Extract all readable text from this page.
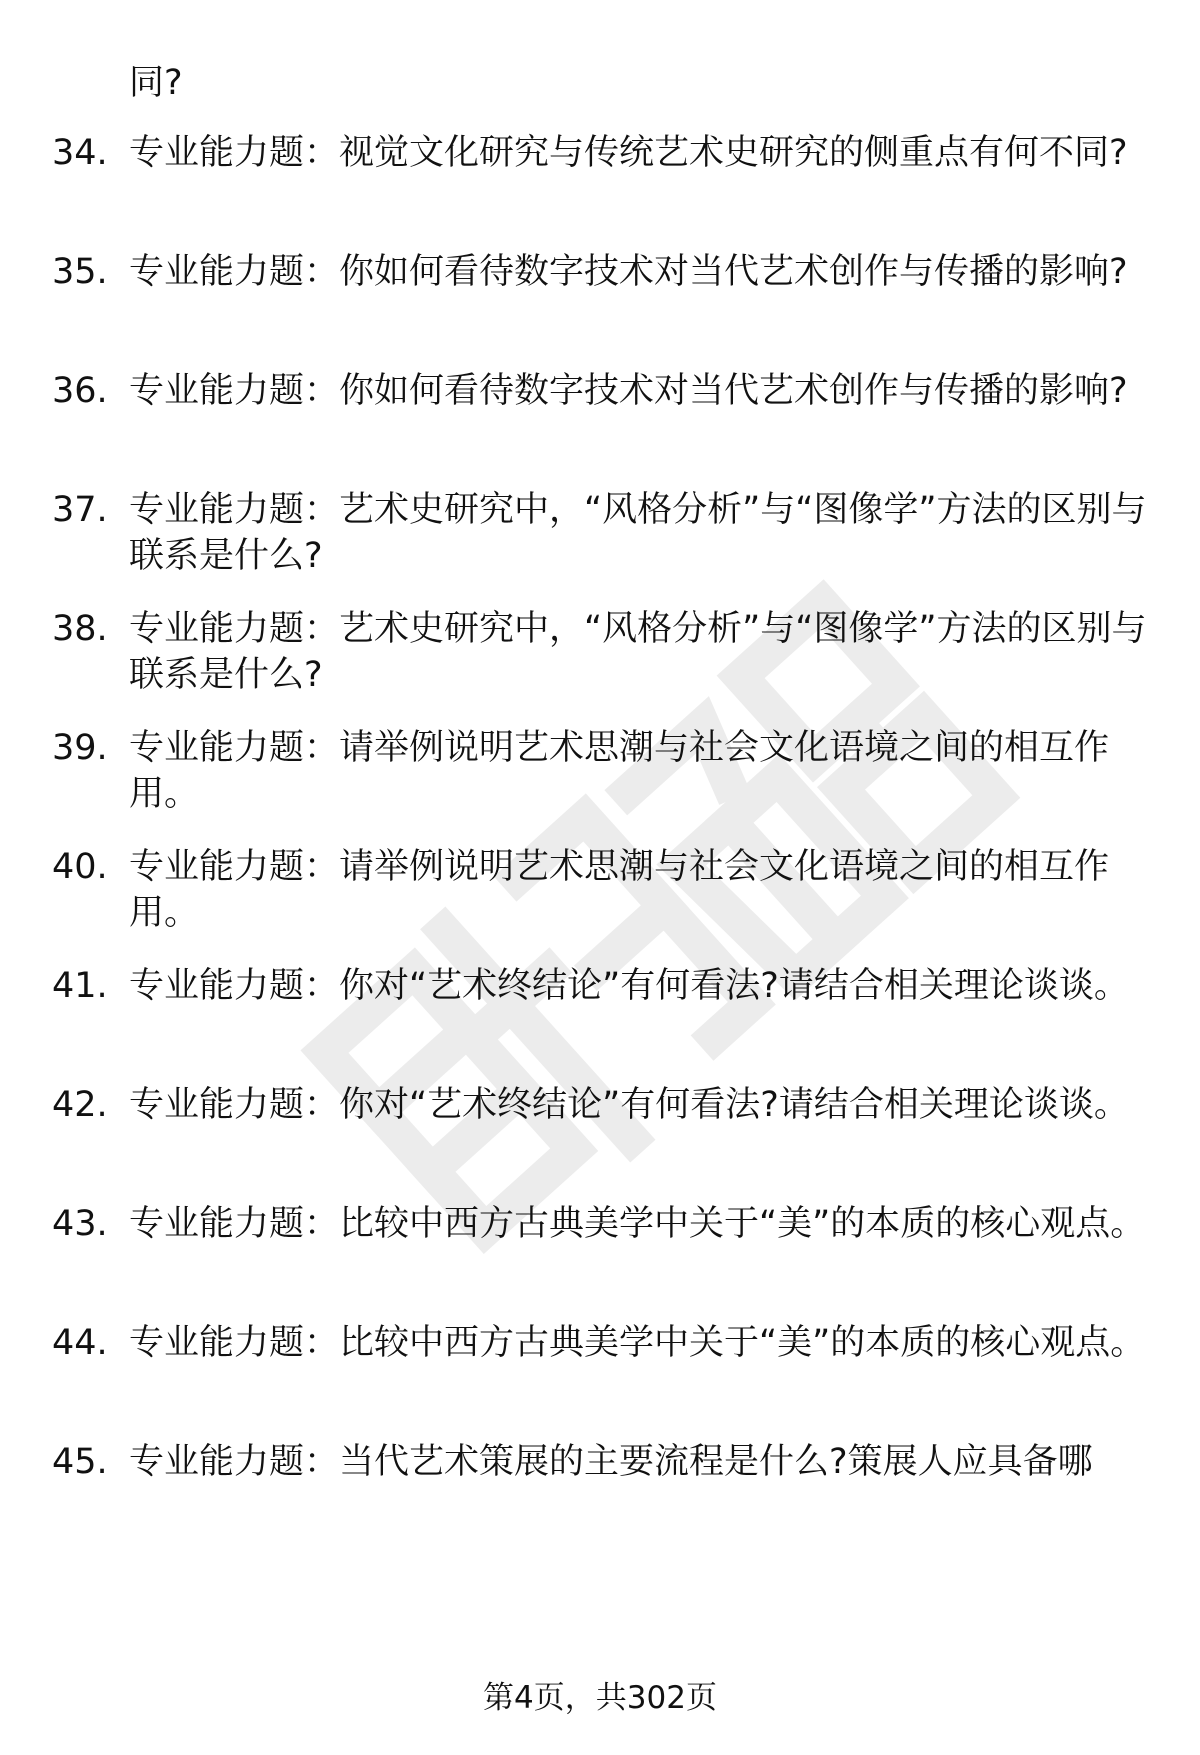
同?
34. 专业能力题：视觉文化研究与传统艺术史研究的侧重点有何不同?
35. 专业能力题：你如何看待数字技术对当代艺术创作与传播的影响?
36. 专业能力题：你如何看待数字技术对当代艺术创作与传播的影响?
37. 专业能力题：艺术史研究中，“风格分析”与“图像学”方法的区别与联系是什么?
38. 专业能力题：艺术史研究中，“风格分析”与“图像学”方法的区别与联系是什么?
39. 专业能力题：请举例说明艺术思潮与社会文化语境之间的相互作用。
40. 专业能力题：请举例说明艺术思潮与社会文化语境之间的相互作用。
41. 专业能力题：你对“艺术终结论”有何看法?请结合相关理论谈谈。
42. 专业能力题：你对“艺术终结论”有何看法?请结合相关理论谈谈。
43. 专业能力题：比较中西方古典美学中关于“美”的本质的核心观点。
44. 专业能力题：比较中西方古典美学中关于“美”的本质的核心观点。
45. 专业能力题：当代艺术策展的主要流程是什么?策展人应具备哪
第4页，共302页
